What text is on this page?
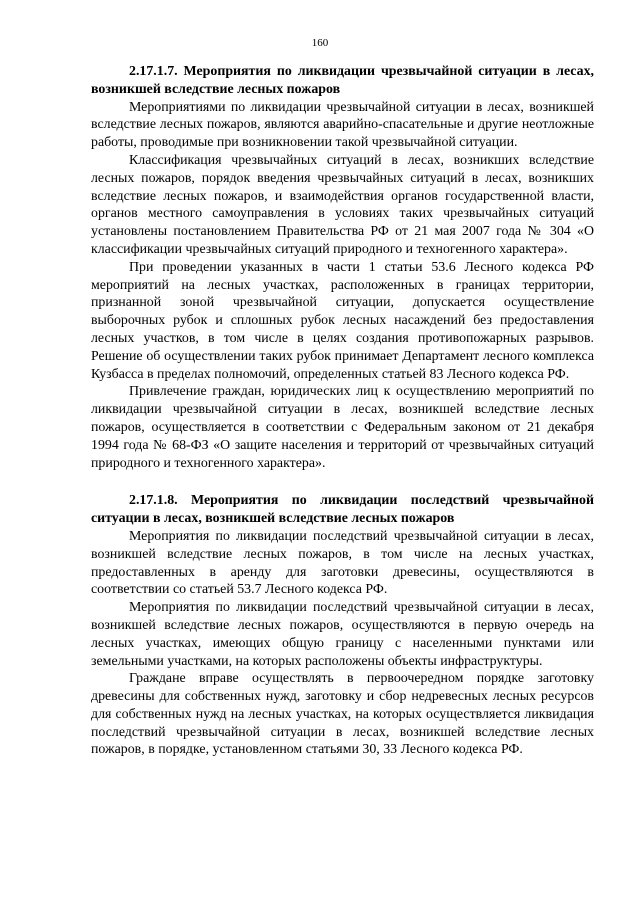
160

2.17.1.7. Мероприятия по ликвидации чрезвычайной ситуации в лесах, возникшей вследствие лесных пожаров

Мероприятиями по ликвидации чрезвычайной ситуации в лесах, возникшей вследствие лесных пожаров, являются аварийно-спасательные и другие неотложные работы, проводимые при возникновении такой чрезвычайной ситуации.

Классификация чрезвычайных ситуаций в лесах, возникших вследствие лесных пожаров, порядок введения чрезвычайных ситуаций в лесах, возникших вследствие лесных пожаров, и взаимодействия органов государственной власти, органов местного самоуправления в условиях таких чрезвычайных ситуаций установлены постановлением Правительства РФ от 21 мая 2007 года № 304 «О классификации чрезвычайных ситуаций природного и техногенного характера».

При проведении указанных в части 1 статьи 53.6 Лесного кодекса РФ мероприятий на лесных участках, расположенных в границах территории, признанной зоной чрезвычайной ситуации, допускается осуществление выборочных рубок и сплошных рубок лесных насаждений без предоставления лесных участков, в том числе в целях создания противопожарных разрывов. Решение об осуществлении таких рубок принимает Департамент лесного комплекса Кузбасса в пределах полномочий, определенных статьей 83 Лесного кодекса РФ.

Привлечение граждан, юридических лиц к осуществлению мероприятий по ликвидации чрезвычайной ситуации в лесах, возникшей вследствие лесных пожаров, осуществляется в соответствии с Федеральным законом от 21 декабря 1994 года № 68-ФЗ «О защите населения и территорий от чрезвычайных ситуаций природного и техногенного характера».

2.17.1.8. Мероприятия по ликвидации последствий чрезвычайной ситуации в лесах, возникшей вследствие лесных пожаров

Мероприятия по ликвидации последствий чрезвычайной ситуации в лесах, возникшей вследствие лесных пожаров, в том числе на лесных участках, предоставленных в аренду для заготовки древесины, осуществляются в соответствии со статьей 53.7 Лесного кодекса РФ.

Мероприятия по ликвидации последствий чрезвычайной ситуации в лесах, возникшей вследствие лесных пожаров, осуществляются в первую очередь на лесных участках, имеющих общую границу с населенными пунктами или земельными участками, на которых расположены объекты инфраструктуры.

Граждане вправе осуществлять в первоочередном порядке заготовку древесины для собственных нужд, заготовку и сбор недревесных лесных ресурсов для собственных нужд на лесных участках, на которых осуществляется ликвидация последствий чрезвычайной ситуации в лесах, возникшей вследствие лесных пожаров, в порядке, установленном статьями 30, 33 Лесного кодекса РФ.
